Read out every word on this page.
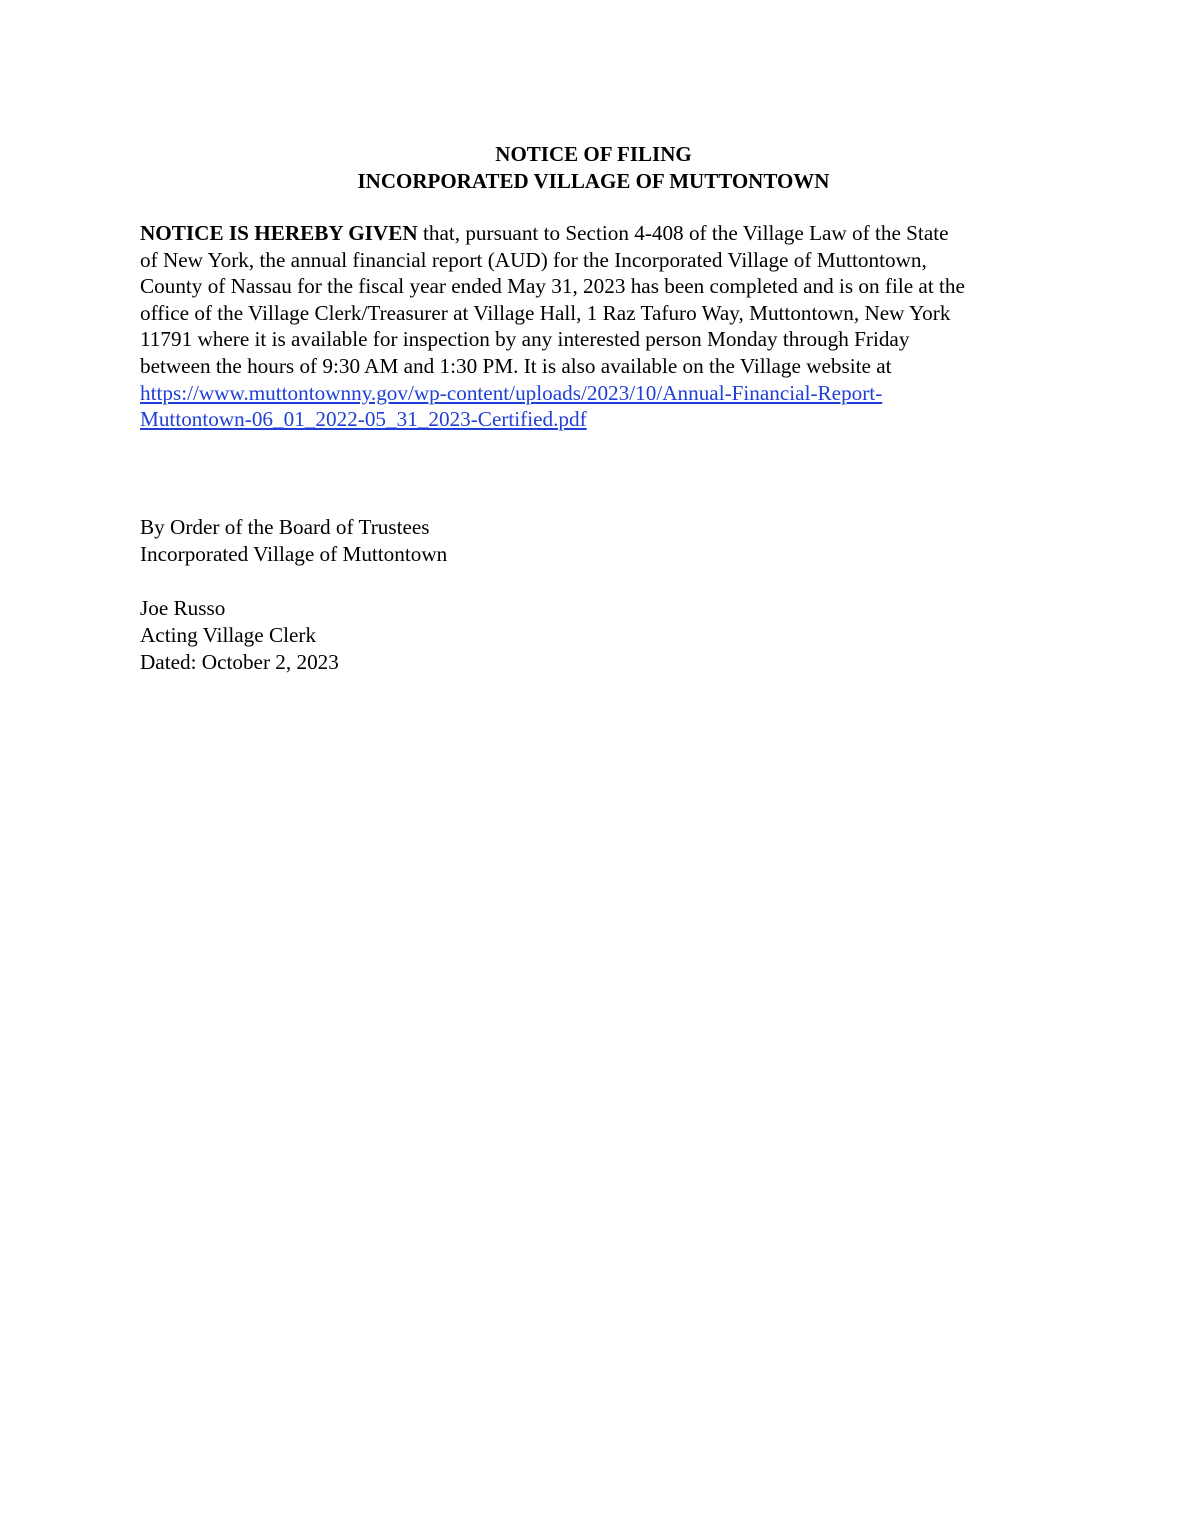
NOTICE OF FILING
INCORPORATED VILLAGE OF MUTTONTOWN
NOTICE IS HEREBY GIVEN that, pursuant to Section 4-408 of the Village Law of the State
of New York, the annual financial report (AUD) for the Incorporated Village of Muttontown,
County of Nassau for the fiscal year ended May 31, 2023 has been completed and is on file at the
office of the Village Clerk/Treasurer at Village Hall, 1 Raz Tafuro Way, Muttontown, New York
11791 where it is available for inspection by any interested person Monday through Friday
between the hours of 9:30 AM and 1:30 PM. It is also available on the Village website at
https://www.muttontownny.gov/wp-content/uploads/2023/10/Annual-Financial-Report-
Muttontown-06_01_2022-05_31_2023-Certified.pdf
By Order of the Board of Trustees
Incorporated Village of Muttontown
Joe Russo
Acting Village Clerk
Dated: October 2, 2023
